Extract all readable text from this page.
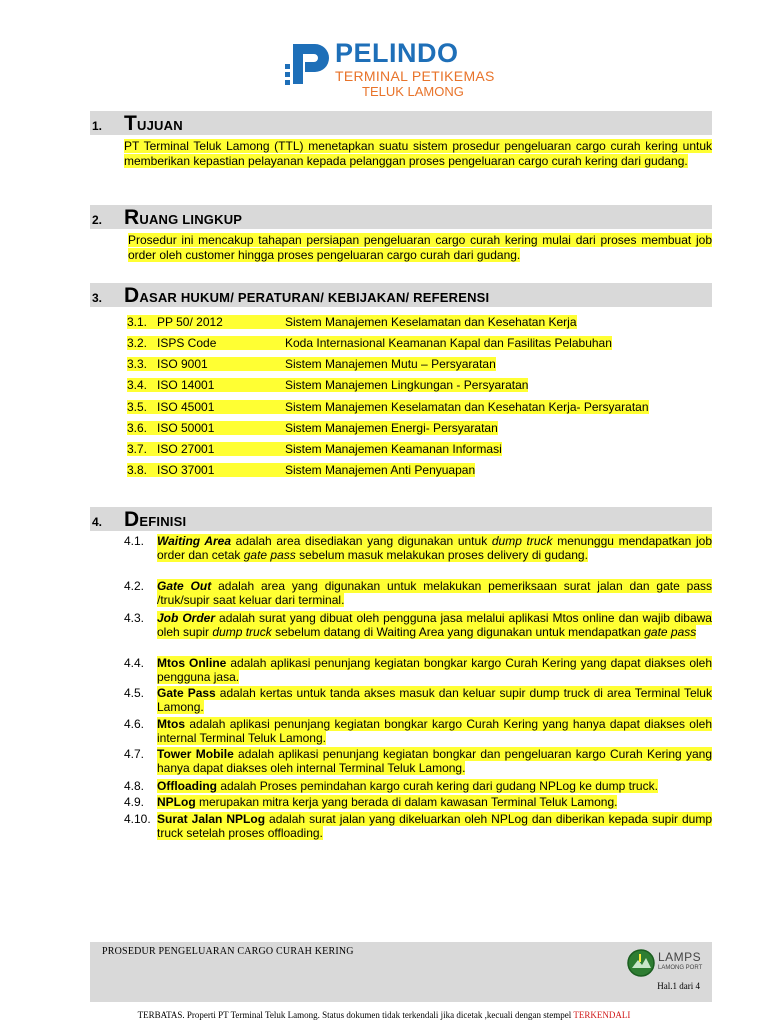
PELINDO
TERMINAL PETIKEMAS
TELUK LAMONG
1. TUJUAN
PT Terminal Teluk Lamong (TTL) menetapkan suatu sistem prosedur pengeluaran cargo curah kering untuk memberikan kepastian pelayanan kepada pelanggan proses pengeluaran cargo curah kering dari gudang.
2. RUANG LINGKUP
Prosedur ini mencakup tahapan persiapan pengeluaran cargo curah kering mulai dari proses membuat job order oleh customer hingga proses pengeluaran cargo curah dari gudang.
3. DASAR HUKUM/ PERATURAN/ KEBIJAKAN/ REFERENSI
3.1. PP 50/ 2012	Sistem Manajemen Keselamatan dan Kesehatan Kerja
3.2. ISPS Code	Koda Internasional Keamanan Kapal dan Fasilitas Pelabuhan
3.3. ISO 9001	Sistem Manajemen Mutu – Persyaratan
3.4. ISO 14001	Sistem Manajemen Lingkungan - Persyaratan
3.5. ISO 45001	Sistem Manajemen Keselamatan dan Kesehatan Kerja- Persyaratan
3.6. ISO 50001	Sistem Manajemen Energi- Persyaratan
3.7. ISO 27001	Sistem Manajemen Keamanan Informasi
3.8. ISO 37001	Sistem Manajemen Anti Penyuapan
4. DEFINISI
4.1. Waiting Area adalah area disediakan yang digunakan untuk dump truck menunggu mendapatkan job order dan cetak gate pass sebelum masuk melakukan proses delivery di gudang.
4.2. Gate Out adalah area yang digunakan untuk melakukan pemeriksaan surat jalan dan gate pass /truk/supir saat keluar dari terminal.
4.3. Job Order adalah surat yang dibuat oleh pengguna jasa melalui aplikasi Mtos online dan wajib dibawa oleh supir dump truck sebelum datang di Waiting Area yang digunakan untuk mendapatkan gate pass
4.4. Mtos Online adalah aplikasi penunjang kegiatan bongkar kargo Curah Kering yang dapat diakses oleh pengguna jasa.
4.5. Gate Pass adalah kertas untuk tanda akses masuk dan keluar supir dump truck di area Terminal Teluk Lamong.
4.6. Mtos adalah aplikasi penunjang kegiatan bongkar kargo Curah Kering yang hanya dapat diakses oleh internal Terminal Teluk Lamong.
4.7. Tower Mobile adalah aplikasi penunjang kegiatan bongkar dan pengeluaran kargo Curah Kering yang hanya dapat diakses oleh internal Terminal Teluk Lamong.
4.8. Offloading adalah Proses pemindahan kargo curah kering dari gudang NPLog ke dump truck.
4.9. NPLog merupakan mitra kerja yang berada di dalam kawasan Terminal Teluk Lamong.
4.10. Surat Jalan NPLog adalah surat jalan yang dikeluarkan oleh NPLog dan diberikan kepada supir dump truck setelah proses offloading.
PROSEDUR PENGELUARAN CARGO CURAH KERING	LAMPS
LAMONG PORT
Hal.1 dari 4
TERBATAS. Properti PT Terminal Teluk Lamong. Status dokumen tidak terkendali jika dicetak ,kecuali dengan stempel TERKENDALI
